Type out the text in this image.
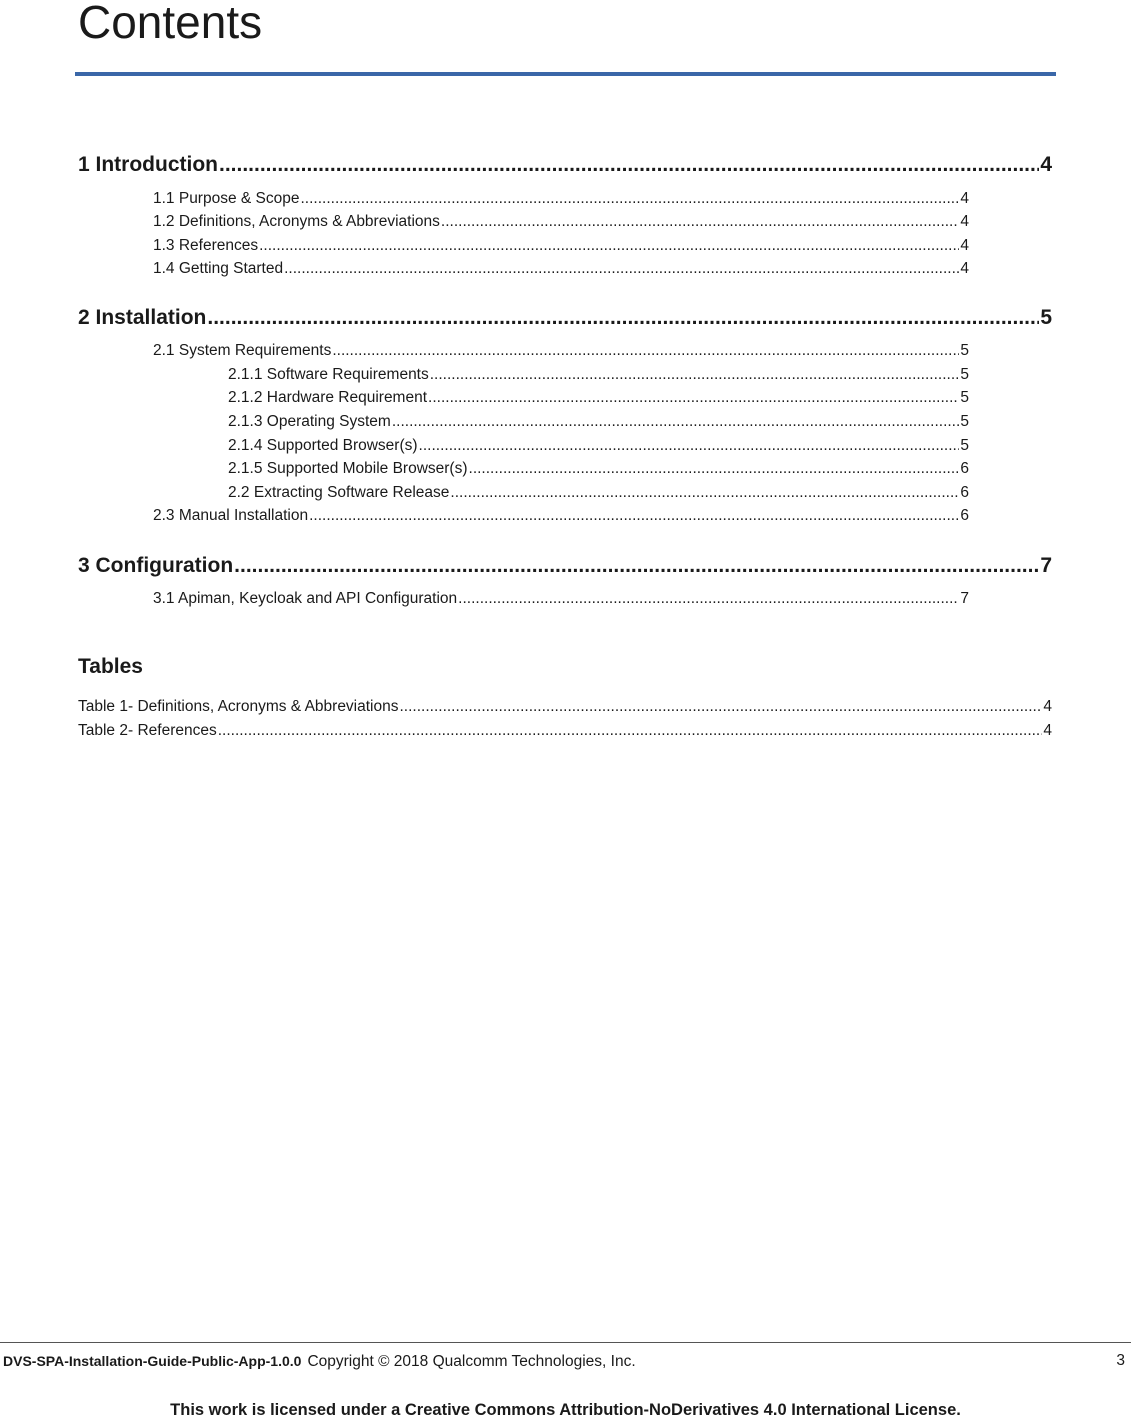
Contents
1 Introduction .....	4
1.1 Purpose & Scope .....	4
1.2 Definitions, Acronyms & Abbreviations .....	4
1.3 References .....	4
1.4 Getting Started .....	4
2 Installation .....	5
2.1 System Requirements .....	5
2.1.1 Software Requirements .....	5
2.1.2 Hardware Requirement .....	5
2.1.3 Operating System .....	5
2.1.4 Supported Browser(s) .....	5
2.1.5 Supported Mobile Browser(s) .....	6
2.2 Extracting Software Release .....	6
2.3 Manual Installation .....	6
3 Configuration .....	7
3.1 Apiman, Keycloak and API Configuration .....	7
Tables
Table 1- Definitions, Acronyms & Abbreviations .....	4
Table 2- References .....	4
DVS-SPA-Installation-Guide-Public-App-1.0.0 Copyright © 2018 Qualcomm Technologies, Inc.	3
This work is licensed under a Creative Commons Attribution-NoDerivatives 4.0 International License.
